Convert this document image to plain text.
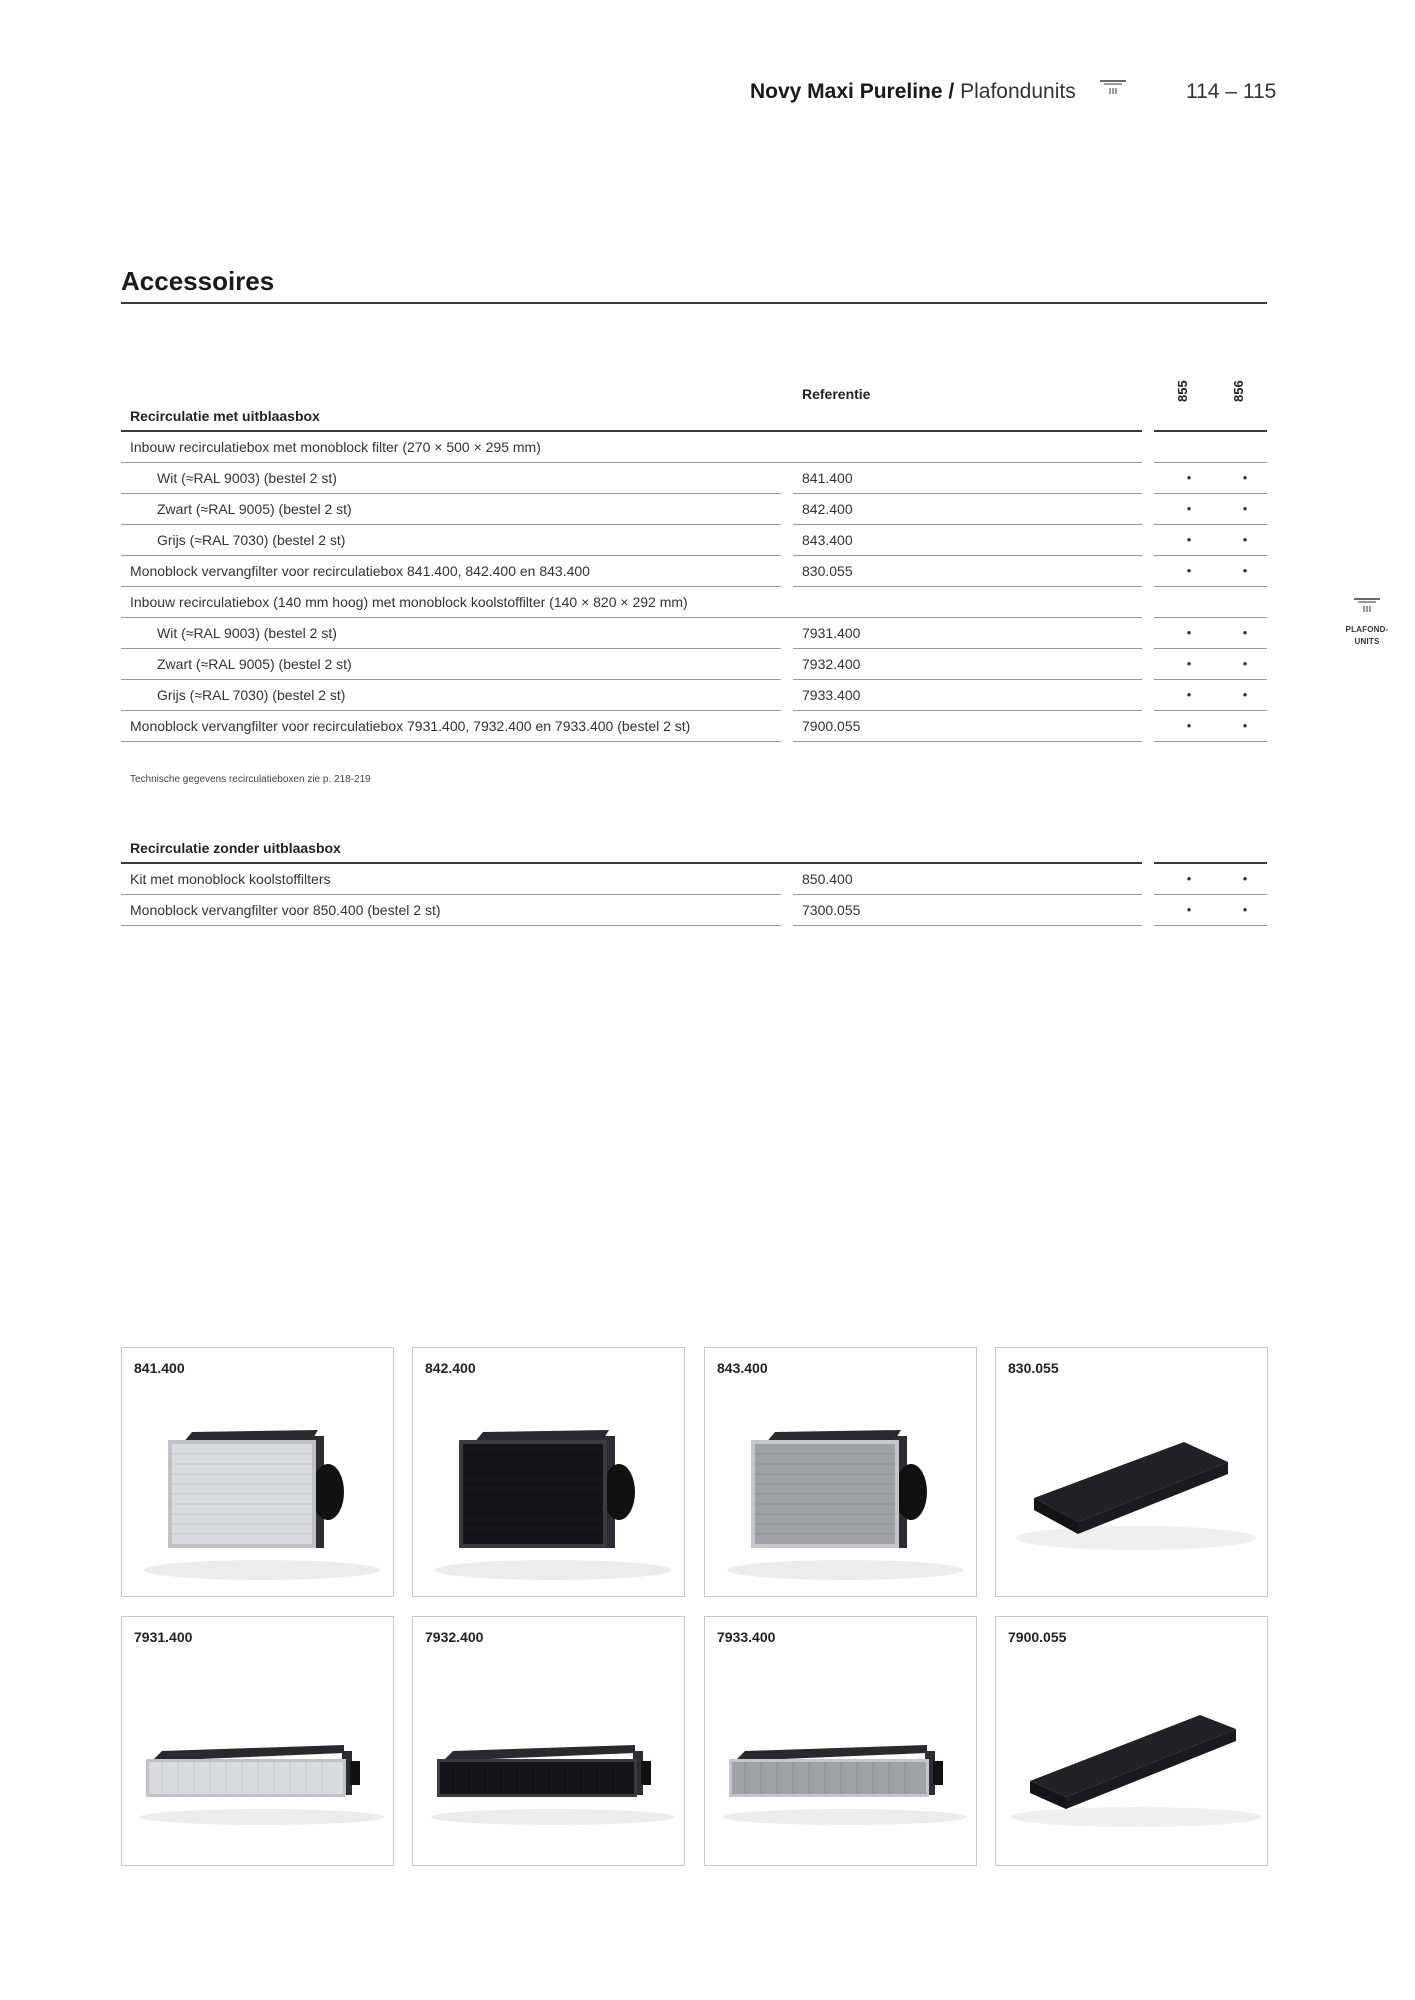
Novy Maxi Pureline / Plafondunits	114 – 115
Accessoires
Referentie	855	856
Recirculatie met uitblaasbox
Inbouw recirculatiebox met monoblock filter (270 × 500 × 295 mm)
Wit (≈RAL 9003) (bestel 2 st)	841.400	•	•
Zwart (≈RAL 9005) (bestel 2 st)	842.400	•	•
Grijs (≈RAL 7030) (bestel 2 st)	843.400	•	•
Monoblock vervangfilter voor recirculatiebox 841.400, 842.400 en 843.400	830.055	•	•
Inbouw recirculatiebox (140 mm hoog) met monoblock koolstoffilter (140 × 820 × 292 mm)
Wit (≈RAL 9003) (bestel 2 st)	7931.400	•	•
Zwart (≈RAL 9005) (bestel 2 st)	7932.400	•	•
Grijs (≈RAL 7030) (bestel 2 st)	7933.400	•	•
Monoblock vervangfilter voor recirculatiebox 7931.400, 7932.400 en 7933.400 (bestel 2 st)	7900.055	•	•
Technische gegevens recirculatieboxen zie p. 218-219
Recirculatie zonder uitblaasbox
Kit met monoblock koolstoffilters	850.400	•	•
Monoblock vervangfilter voor 850.400 (bestel 2 st)	7300.055	•	•
PLAFOND-
UNITS
841.400	842.400	843.400	830.055
7931.400	7932.400	7933.400	7900.055
